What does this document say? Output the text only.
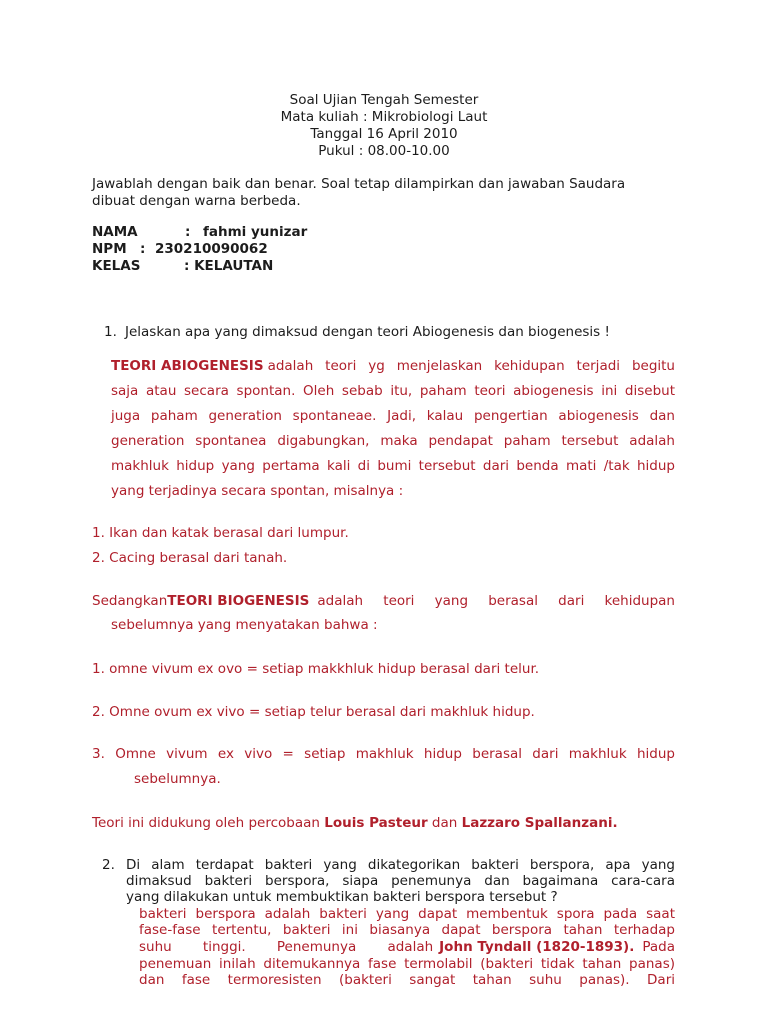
Soal Ujian Tengah Semester
Mata kuliah : Mikrobiologi Laut
Tanggal 16 April 2010
Pukul : 08.00-10.00
Jawablah dengan baik dan benar. Soal tetap dilampirkan dan jawaban Saudara
dibuat dengan warna berbeda.
NAMA	: fahmi yunizar
NPM : 230210090062
KELAS	: KELAUTAN
1. Jelaskan apa yang dimaksud dengan teori Abiogenesis dan biogenesis !
TEORI ABIOGENESIS adalah teori yg menjelaskan kehidupan terjadi begitu
saja atau secara spontan. Oleh sebab itu, paham teori abiogenesis ini disebut
juga paham generation spontaneae. Jadi, kalau pengertian abiogenesis dan
generation spontanea digabungkan, maka pendapat paham tersebut adalah
makhluk hidup yang pertama kali di bumi tersebut dari benda mati /tak hidup
yang terjadinya secara spontan, misalnya :
1. Ikan dan katak berasal dari lumpur.
2. Cacing berasal dari tanah.
Sedangkan TEORI BIOGENESIS adalah teori yang berasal dari kehidupan
sebelumnya yang menyatakan bahwa :
1. omne vivum ex ovo = setiap makkhluk hidup berasal dari telur.
2. Omne ovum ex vivo = setiap telur berasal dari makhluk hidup.
3. Omne vivum ex vivo = setiap makhluk hidup berasal dari makhluk hidup
sebelumnya.
Teori ini didukung oleh percobaan Louis Pasteur dan Lazzaro Spallanzani.
2. Di alam terdapat bakteri yang dikategorikan bakteri berspora, apa yang
dimaksud bakteri berspora, siapa penemunya dan bagaimana cara-cara
yang dilakukan untuk membuktikan bakteri berspora tersebut ?
bakteri berspora adalah bakteri yang dapat membentuk spora pada saat
fase-fase tertentu, bakteri ini biasanya dapat berspora tahan terhadap
suhu tinggi. Penemunya adalah John Tyndall (1820-1893). Pada
penemuan inilah ditemukannya fase termolabil (bakteri tidak tahan panas)
dan fase termoresisten (bakteri sangat tahan suhu panas). Dari
